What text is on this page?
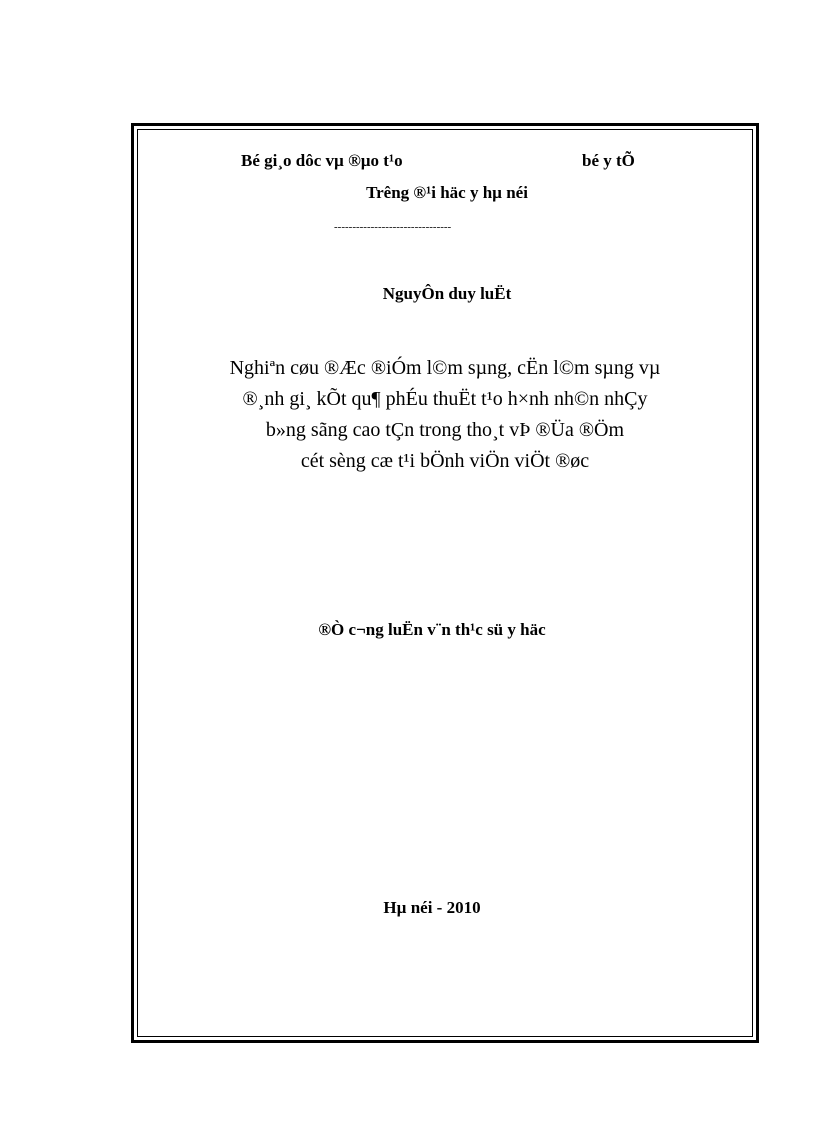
Bé gi¸o dôc vµ ®µo t¹o	bé y tÕ
Trêng ®¹i häc y hµ néi
--------------------------------
NguyÔn duy luËt
Nghiªn cøu ®Æc ®iÓm l©m sµng, cËn l©m sµng vµ
®¸nh gi¸ kÕt qu¶ phÉu thuËt t¹o h×nh nh©n nhÇy
b»ng sãng cao tÇn trong tho¸t vÞ ®Üa ®Öm
cét sèng cæ t¹i bÖnh viÖn viÖt ®øc
®Ò c¬ng luËn v¨n th¹c sü y häc
Hµ néi - 2010
